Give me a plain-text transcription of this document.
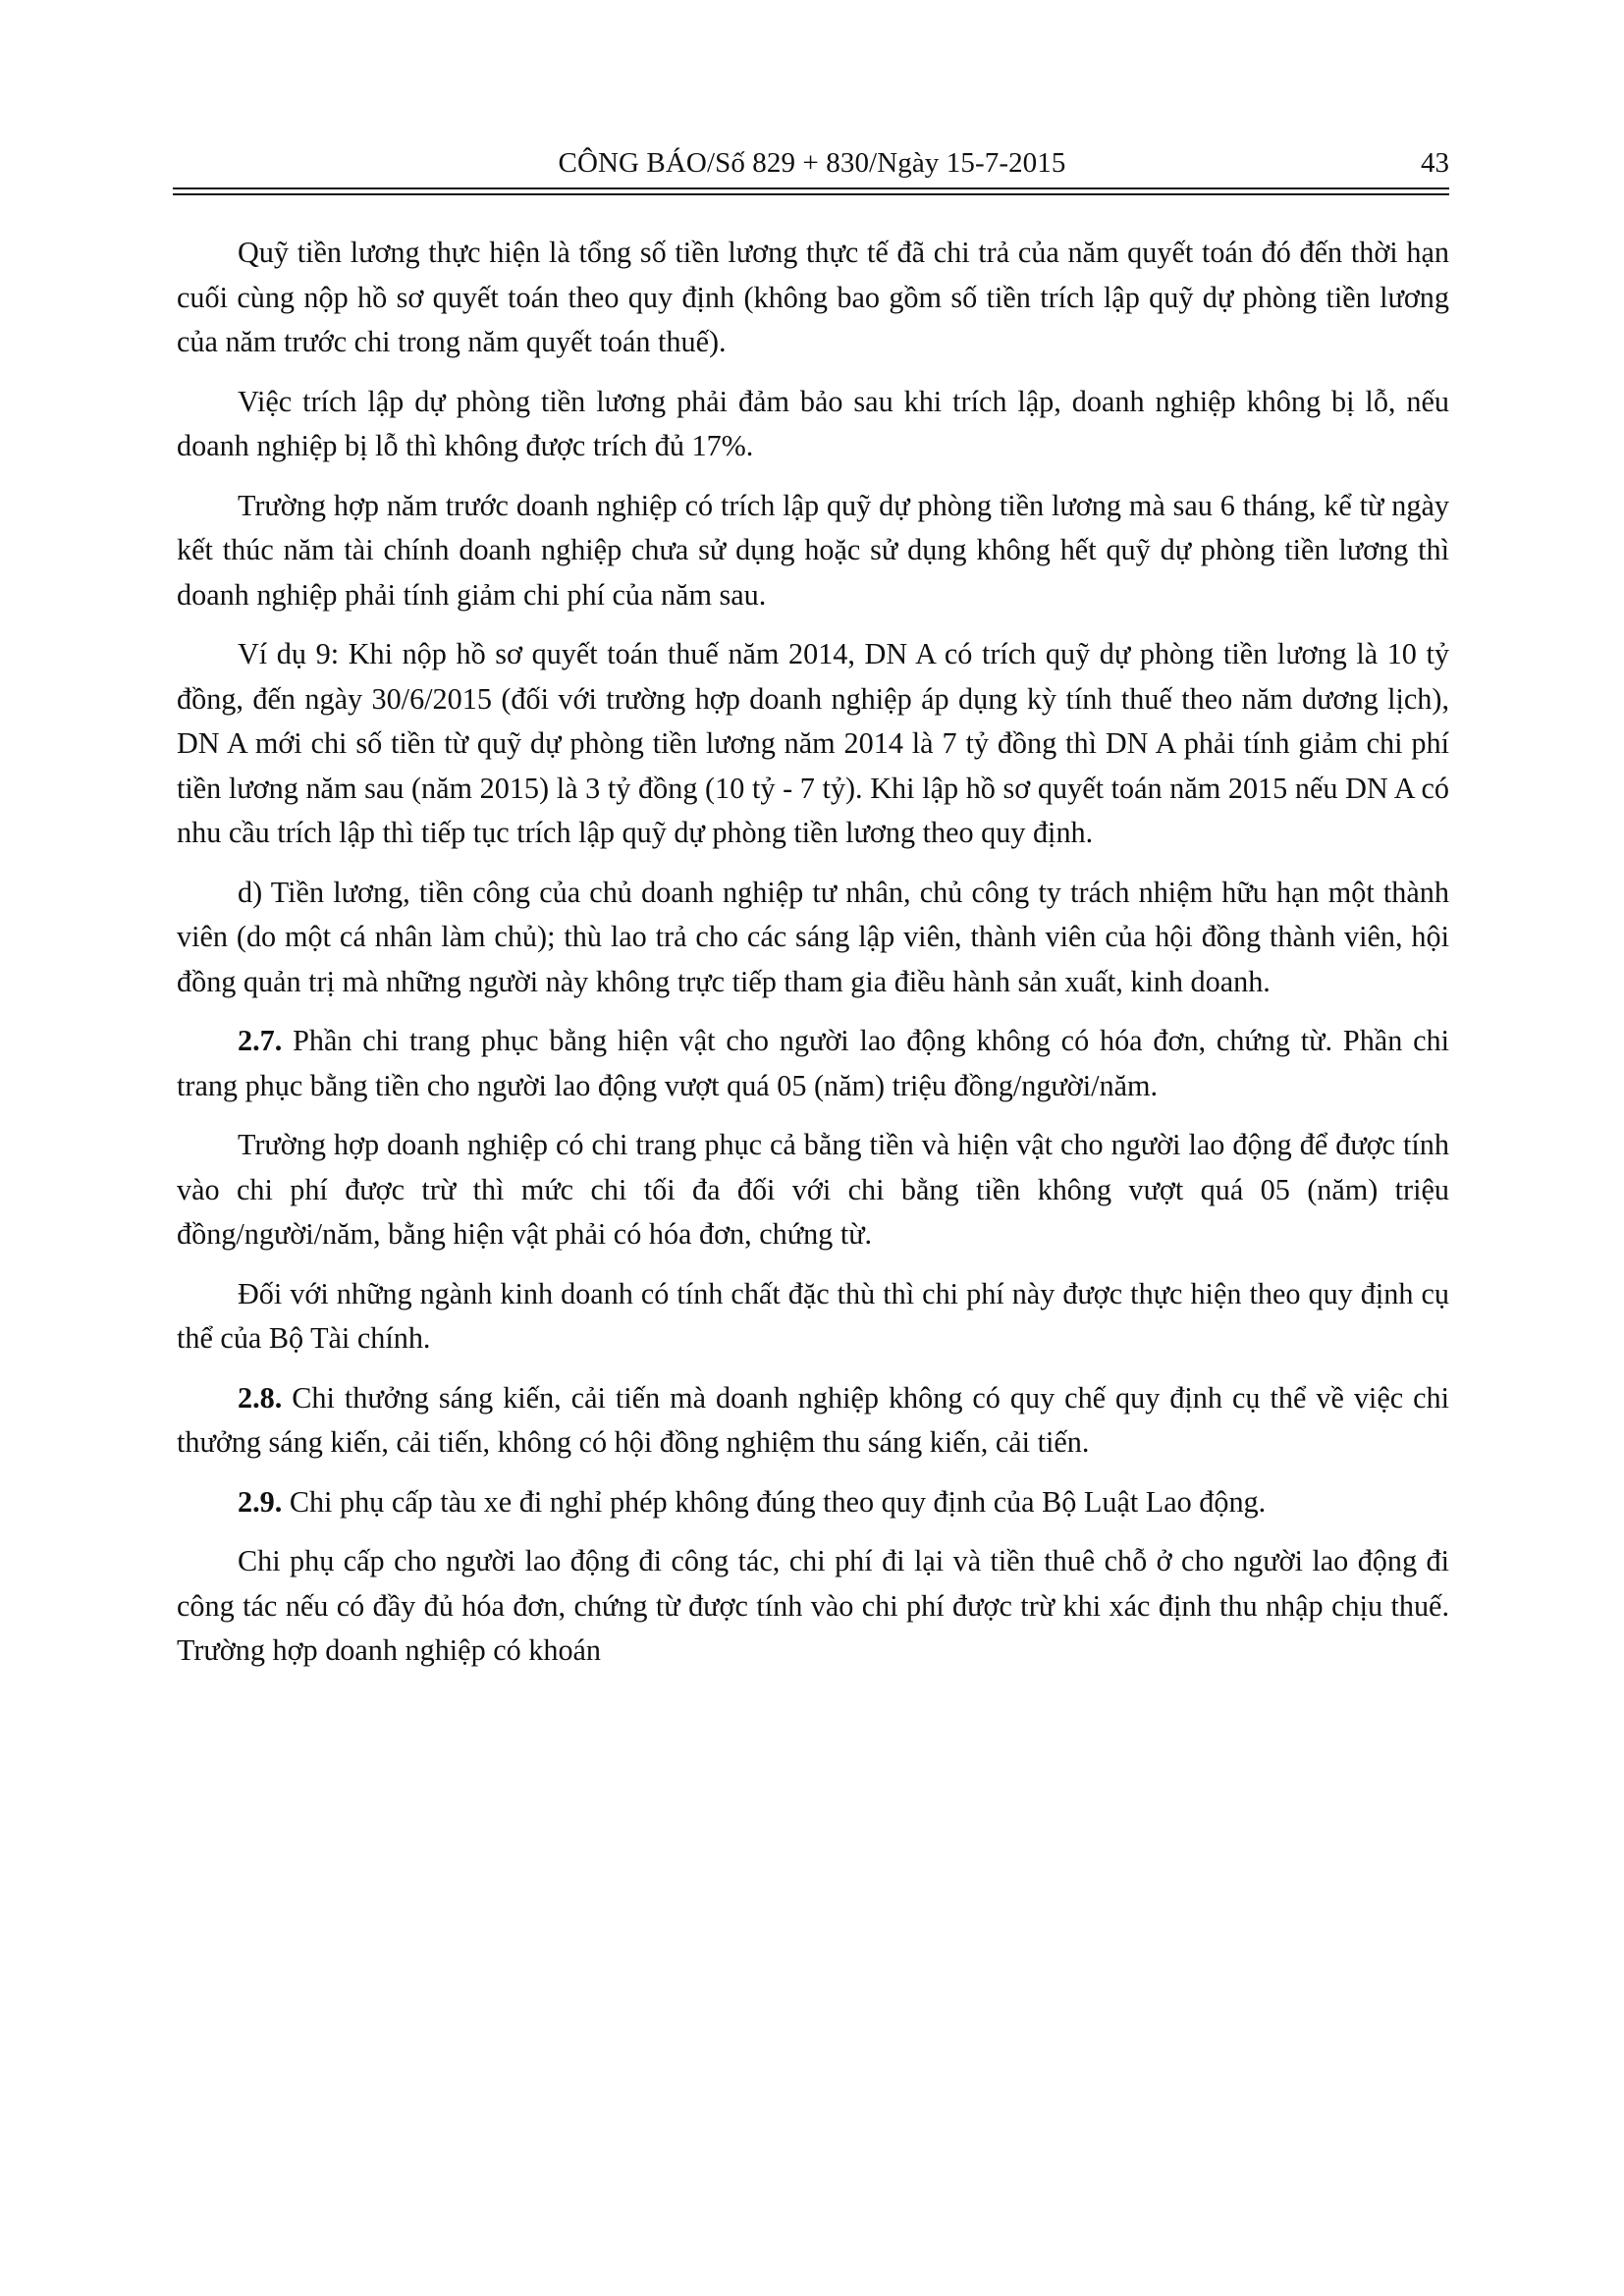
CÔNG BÁO/Số 829 + 830/Ngày 15-7-2015	43

Quỹ tiền lương thực hiện là tổng số tiền lương thực tế đã chi trả của năm quyết toán đó đến thời hạn cuối cùng nộp hồ sơ quyết toán theo quy định (không bao gồm số tiền trích lập quỹ dự phòng tiền lương của năm trước chi trong năm quyết toán thuế).

Việc trích lập dự phòng tiền lương phải đảm bảo sau khi trích lập, doanh nghiệp không bị lỗ, nếu doanh nghiệp bị lỗ thì không được trích đủ 17%.

Trường hợp năm trước doanh nghiệp có trích lập quỹ dự phòng tiền lương mà sau 6 tháng, kể từ ngày kết thúc năm tài chính doanh nghiệp chưa sử dụng hoặc sử dụng không hết quỹ dự phòng tiền lương thì doanh nghiệp phải tính giảm chi phí của năm sau.

Ví dụ 9: Khi nộp hồ sơ quyết toán thuế năm 2014, DN A có trích quỹ dự phòng tiền lương là 10 tỷ đồng, đến ngày 30/6/2015 (đối với trường hợp doanh nghiệp áp dụng kỳ tính thuế theo năm dương lịch), DN A mới chi số tiền từ quỹ dự phòng tiền lương năm 2014 là 7 tỷ đồng thì DN A phải tính giảm chi phí tiền lương năm sau (năm 2015) là 3 tỷ đồng (10 tỷ - 7 tỷ). Khi lập hồ sơ quyết toán năm 2015 nếu DN A có nhu cầu trích lập thì tiếp tục trích lập quỹ dự phòng tiền lương theo quy định.

d) Tiền lương, tiền công của chủ doanh nghiệp tư nhân, chủ công ty trách nhiệm hữu hạn một thành viên (do một cá nhân làm chủ); thù lao trả cho các sáng lập viên, thành viên của hội đồng thành viên, hội đồng quản trị mà những người này không trực tiếp tham gia điều hành sản xuất, kinh doanh.

2.7. Phần chi trang phục bằng hiện vật cho người lao động không có hóa đơn, chứng từ. Phần chi trang phục bằng tiền cho người lao động vượt quá 05 (năm) triệu đồng/người/năm.

Trường hợp doanh nghiệp có chi trang phục cả bằng tiền và hiện vật cho người lao động để được tính vào chi phí được trừ thì mức chi tối đa đối với chi bằng tiền không vượt quá 05 (năm) triệu đồng/người/năm, bằng hiện vật phải có hóa đơn, chứng từ.

Đối với những ngành kinh doanh có tính chất đặc thù thì chi phí này được thực hiện theo quy định cụ thể của Bộ Tài chính.

2.8. Chi thưởng sáng kiến, cải tiến mà doanh nghiệp không có quy chế quy định cụ thể về việc chi thưởng sáng kiến, cải tiến, không có hội đồng nghiệm thu sáng kiến, cải tiến.

2.9. Chi phụ cấp tàu xe đi nghỉ phép không đúng theo quy định của Bộ Luật Lao động.

Chi phụ cấp cho người lao động đi công tác, chi phí đi lại và tiền thuê chỗ ở cho người lao động đi công tác nếu có đầy đủ hóa đơn, chứng từ được tính vào chi phí được trừ khi xác định thu nhập chịu thuế. Trường hợp doanh nghiệp có khoán
